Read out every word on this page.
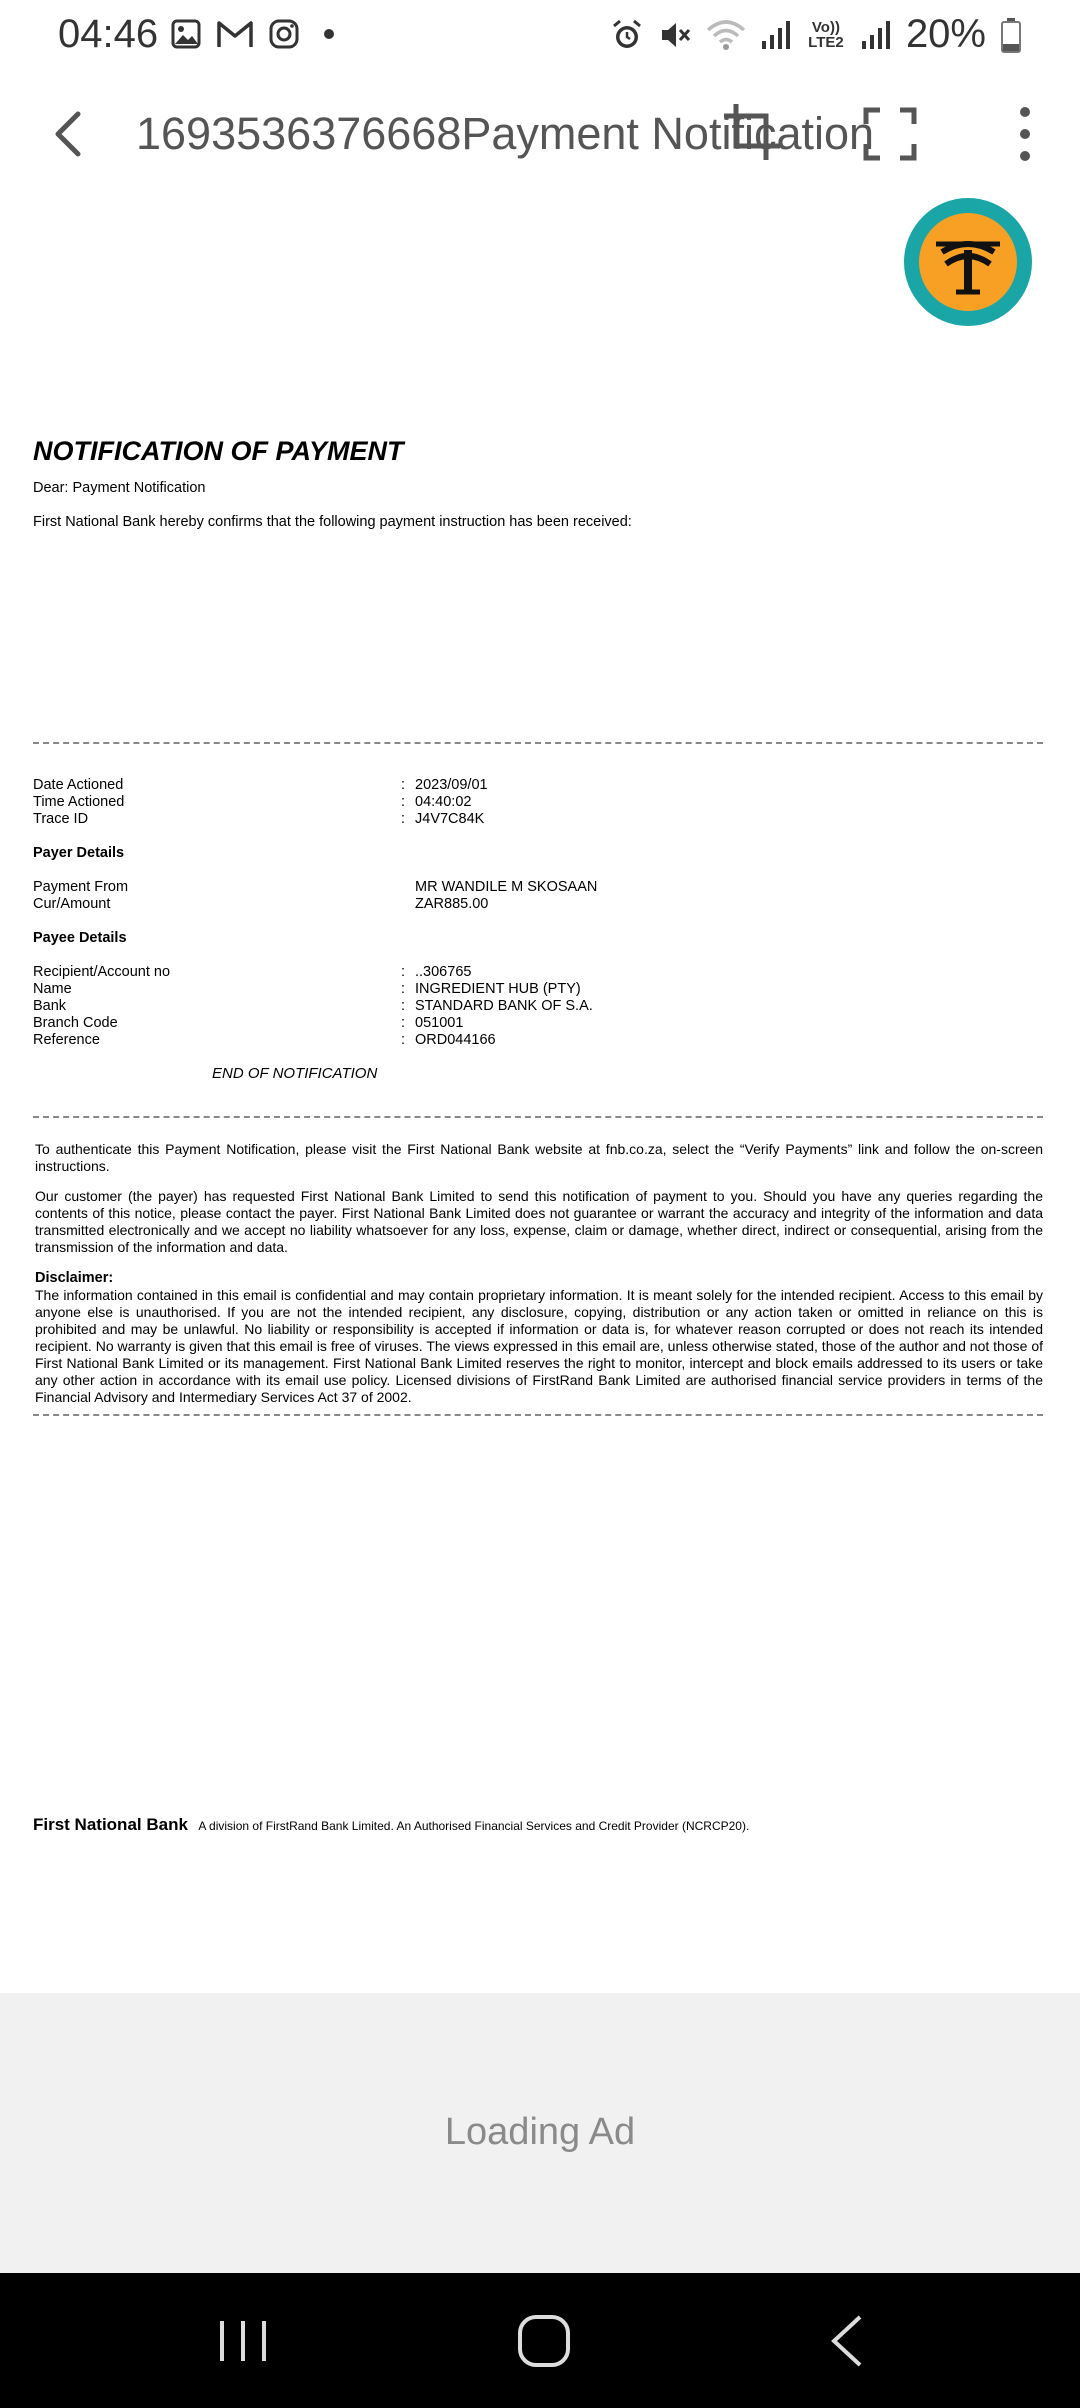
04:46	Vo)) LTE2 20%
1693536376668Payment Notification
NOTIFICATION OF PAYMENT
Dear: Payment Notification
First National Bank hereby confirms that the following payment instruction has been received:
Date Actioned	: 2023/09/01
Time Actioned	: 04:40:02
Trace ID	: J4V7C84K
Payer Details
Payment From	MR WANDILE M SKOSAAN
Cur/Amount	ZAR885.00
Payee Details
Recipient/Account no	: ..306765
Name	: INGREDIENT HUB (PTY)
Bank	: STANDARD BANK OF S.A.
Branch Code	: 051001
Reference	: ORD044166
END OF NOTIFICATION
To authenticate this Payment Notification, please visit the First National Bank website at fnb.co.za, select the “Verify Payments” link and follow the on-screen instructions.
Our customer (the payer) has requested First National Bank Limited to send this notification of payment to you. Should you have any queries regarding the contents of this notice, please contact the payer. First National Bank Limited does not guarantee or warrant the accuracy and integrity of the information and data transmitted electronically and we accept no liability whatsoever for any loss, expense, claim or damage, whether direct, indirect or consequential, arising from the transmission of the information and data.
Disclaimer:
The information contained in this email is confidential and may contain proprietary information. It is meant solely for the intended recipient. Access to this email by anyone else is unauthorised. If you are not the intended recipient, any disclosure, copying, distribution or any action taken or omitted in reliance on this is prohibited and may be unlawful. No liability or responsibility is accepted if information or data is, for whatever reason corrupted or does not reach its intended recipient. No warranty is given that this email is free of viruses. The views expressed in this email are, unless otherwise stated, those of the author and not those of First National Bank Limited or its management. First National Bank Limited reserves the right to monitor, intercept and block emails addressed to its users or take any other action in accordance with its email use policy. Licensed divisions of FirstRand Bank Limited are authorised financial service providers in terms of the Financial Advisory and Intermediary Services Act 37 of 2002.
First National Bank A division of FirstRand Bank Limited. An Authorised Financial Services and Credit Provider (NCRCP20).
Loading Ad
